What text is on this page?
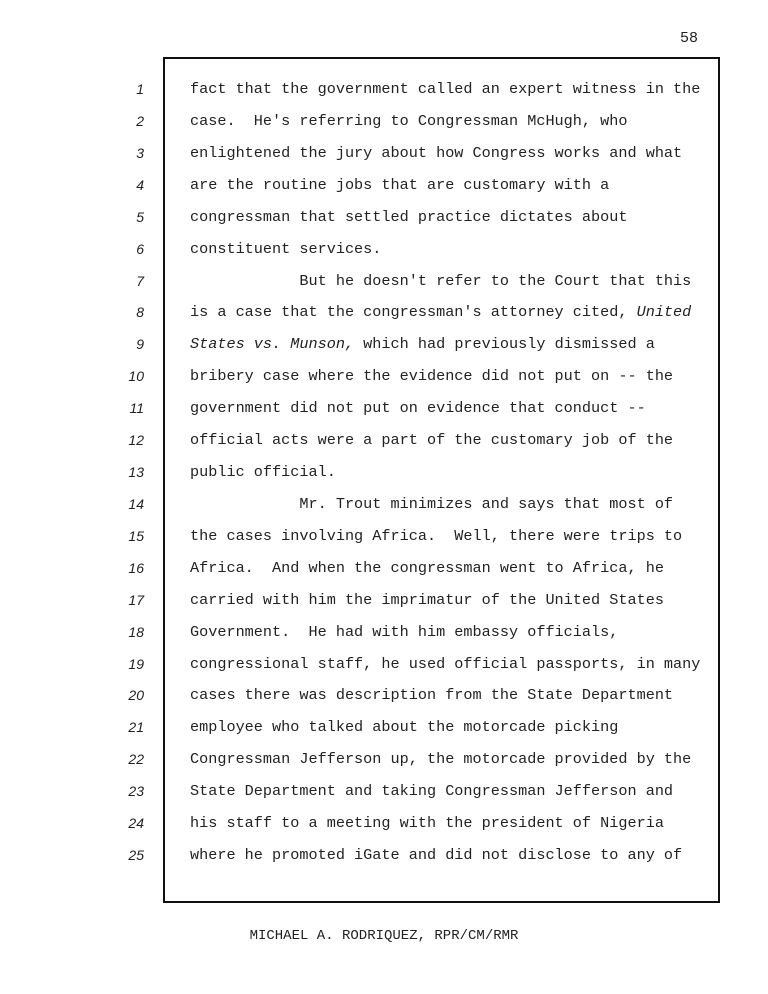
58
1	fact that the government called an expert witness in the
2	case.  He's referring to Congressman McHugh, who
3	enlightened the jury about how Congress works and what
4	are the routine jobs that are customary with a
5	congressman that settled practice dictates about
6	constituent services.
7	But he doesn't refer to the Court that this
8	is a case that the congressman's attorney cited, United
9	States vs. Munson, which had previously dismissed a
10	bribery case where the evidence did not put on -- the
11	government did not put on evidence that conduct --
12	official acts were a part of the customary job of the
13	public official.
14	Mr. Trout minimizes and says that most of
15	the cases involving Africa.  Well, there were trips to
16	Africa.  And when the congressman went to Africa, he
17	carried with him the imprimatur of the United States
18	Government.  He had with him embassy officials,
19	congressional staff, he used official passports, in many
20	cases there was description from the State Department
21	employee who talked about the motorcade picking
22	Congressman Jefferson up, the motorcade provided by the
23	State Department and taking Congressman Jefferson and
24	his staff to a meeting with the president of Nigeria
25	where he promoted iGate and did not disclose to any of
MICHAEL A. RODRIQUEZ, RPR/CM/RMR
